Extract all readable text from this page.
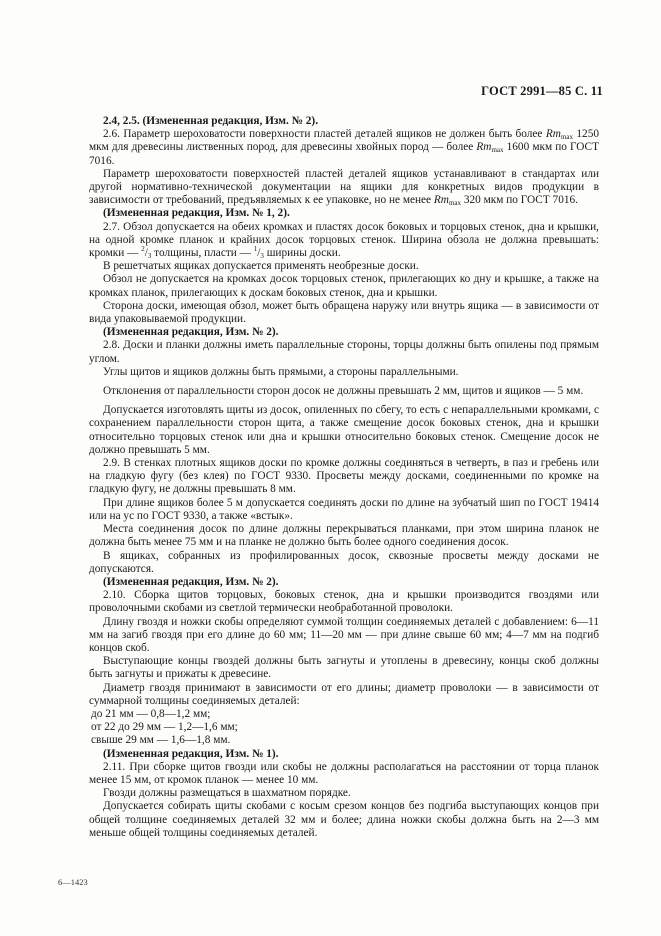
ГОСТ 2991—85 С. 11

2.4, 2.5. (Измененная редакция, Изм. № 2).

2.6. Параметр шероховатости поверхности пластей деталей ящиков не должен быть более $Rm_{max}$ 1250 мкм для древесины лиственных пород, для древесины хвойных пород — более $Rm_{max}$ 1600 мкм по ГОСТ 7016.

Параметр шероховатости поверхностей пластей деталей ящиков устанавливают в стандартах или другой нормативно-технической документации на ящики для конкретных видов продукции в зависимости от требований, предъявляемых к ее упаковке, но не менее $Rm_{max}$ 320 мкм по ГОСТ 7016.

(Измененная редакция, Изм. № 1, 2).

2.7. Обзол допускается на обеих кромках и пластях досок боковых и торцовых стенок, дна и крышки, на одной кромке планок и крайних досок торцовых стенок. Ширина обзола не должна превышать: кромки — $^2/_3$ толщины, пласти — $^1/_3$ ширины доски.

В решетчатых ящиках допускается применять необрезные доски.

Обзол не допускается на кромках досок торцовых стенок, прилегающих ко дну и крышке, а также на кромках планок, прилегающих к доскам боковых стенок, дна и крышки.

Сторона доски, имеющая обзол, может быть обращена наружу или внутрь ящика — в зависимости от вида упаковываемой продукции.

(Измененная редакция, Изм. № 2).

2.8. Доски и планки должны иметь параллельные стороны, торцы должны быть опилены под прямым углом.

Углы щитов и ящиков должны быть прямыми, а стороны параллельными.

Отклонения от параллельности сторон досок не должны превышать 2 мм, щитов и ящиков — 5 мм.

Допускается изготовлять щиты из досок, опиленных по сбегу, то есть с непараллельными кромками, с сохранением параллельности сторон щита, а также смещение досок боковых стенок, дна и крышки относительно торцовых стенок или дна и крышки относительно боковых стенок. Смещение досок не должно превышать 5 мм.

2.9. В стенках плотных ящиков доски по кромке должны соединяться в четверть, в паз и гребень или на гладкую фугу (без клея) по ГОСТ 9330. Просветы между досками, соединенными по кромке на гладкую фугу, не должны превышать 8 мм.

При длине ящиков более 5 м допускается соединять доски по длине на зубчатый шип по ГОСТ 19414 или на ус по ГОСТ 9330, а также «встык».

Места соединения досок по длине должны перекрываться планками, при этом ширина планок не должна быть менее 75 мм и на планке не должно быть более одного соединения досок.

В ящиках, собранных из профилированных досок, сквозные просветы между досками не допускаются.

(Измененная редакция, Изм. № 2).

2.10. Сборка щитов торцовых, боковых стенок, дна и крышки производится гвоздями или проволочными скобами из светлой термически необработанной проволоки.

Длину гвоздя и ножки скобы определяют суммой толщин соединяемых деталей с добавлением: 6—11 мм на загиб гвоздя при его длине до 60 мм; 11—20 мм — при длине свыше 60 мм; 4—7 мм на подгиб концов скоб.

Выступающие концы гвоздей должны быть загнуты и утоплены в древесину, концы скоб должны быть загнуты и прижаты к древесине.

Диаметр гвоздя принимают в зависимости от его длины; диаметр проволоки — в зависимости от суммарной толщины соединяемых деталей:

до 21 мм — 0,8—1,2 мм;

от 22 до 29 мм — 1,2—1,6 мм;

свыше 29 мм — 1,6—1,8 мм.

(Измененная редакция, Изм. № 1).

2.11. При сборке щитов гвозди или скобы не должны располагаться на расстоянии от торца планок менее 15 мм, от кромок планок — менее 10 мм.

Гвозди должны размещаться в шахматном порядке.

Допускается собирать щиты скобами с косым срезом концов без подгиба выступающих концов при общей толщине соединяемых деталей 32 мм и более; длина ножки скобы должна быть на 2—3 мм меньше общей толщины соединяемых деталей.

6—1423
